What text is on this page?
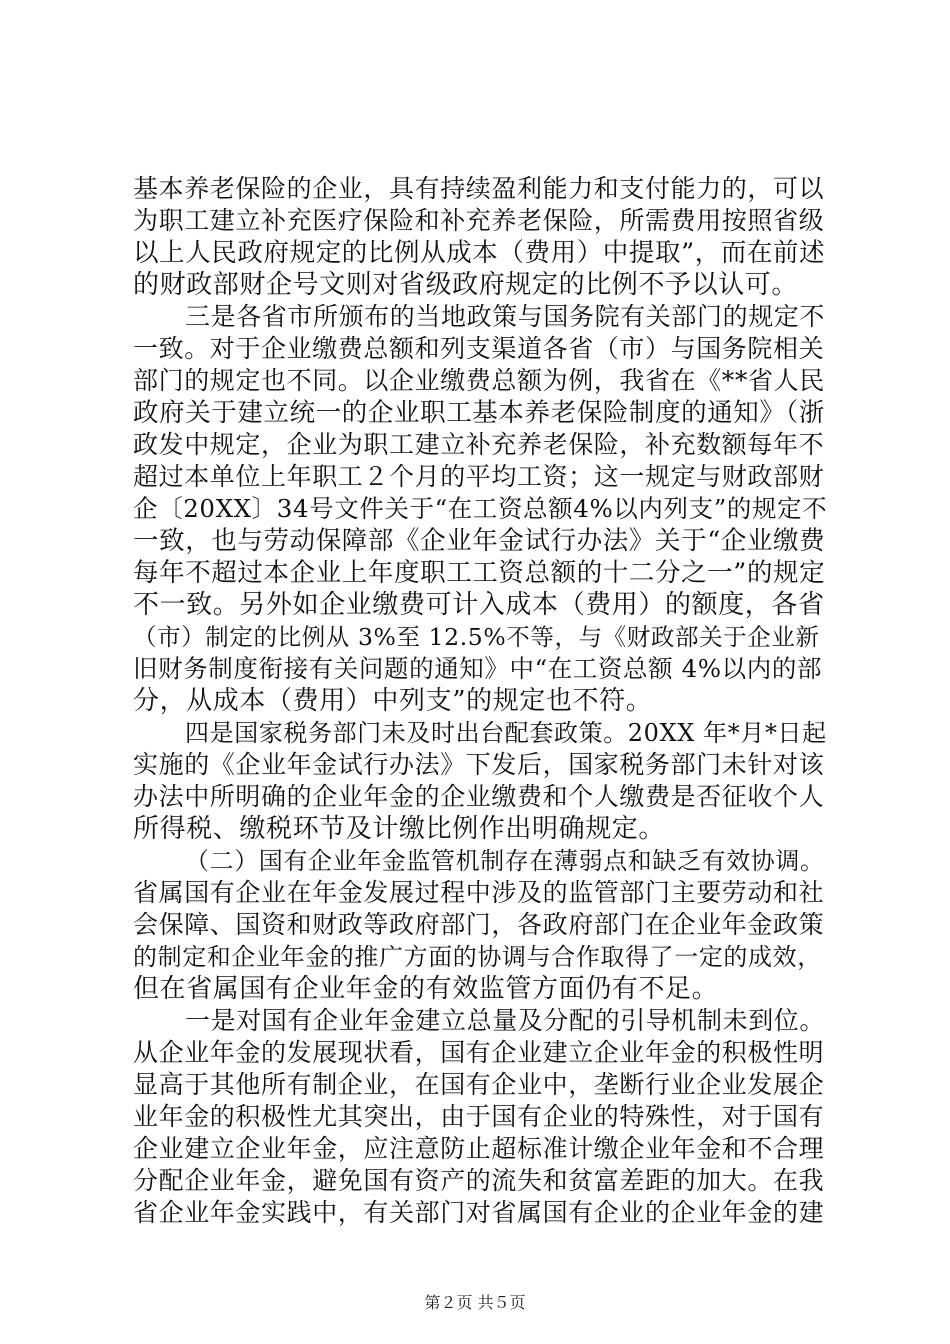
基本养老保险的企业，具有持续盈利能力和支付能力的，可以
为职工建立补充医疗保险和补充养老保险，所需费用按照省级
以上人民政府规定的比例从成本（费用）中提取”，而在前述
的财政部财企号文则对省级政府规定的比例不予以认可。
三是各省市所颁布的当地政策与国务院有关部门的规定不
一致。对于企业缴费总额和列支渠道各省（市）与国务院相关
部门的规定也不同。以企业缴费总额为例，我省在《**省人民
政府关于建立统一的企业职工基本养老保险制度的通知》（浙
政发中规定，企业为职工建立补充养老保险，补充数额每年不
超过本单位上年职工２个月的平均工资；这一规定与财政部财
企〔20XX〕34号文件关于“在工资总额4%以内列支”的规定不
一致，也与劳动保障部《企业年金试行办法》关于“企业缴费
每年不超过本企业上年度职工工资总额的十二分之一”的规定
不一致。另外如企业缴费可计入成本（费用）的额度，各省
（市）制定的比例从 3%至 12.5%不等，与《财政部关于企业新
旧财务制度衔接有关问题的通知》中“在工资总额 4%以内的部
分，从成本（费用）中列支”的规定也不符。
四是国家税务部门未及时出台配套政策。20XX 年*月*日起
实施的《企业年金试行办法》下发后，国家税务部门未针对该
办法中所明确的企业年金的企业缴费和个人缴费是否征收个人
所得税、缴税环节及计缴比例作出明确规定。
（二）国有企业年金监管机制存在薄弱点和缺乏有效协调。
省属国有企业在年金发展过程中涉及的监管部门主要劳动和社
会保障、国资和财政等政府部门，各政府部门在企业年金政策
的制定和企业年金的推广方面的协调与合作取得了一定的成效，
但在省属国有企业年金的有效监管方面仍有不足。
一是对国有企业年金建立总量及分配的引导机制未到位。
从企业年金的发展现状看，国有企业建立企业年金的积极性明
显高于其他所有制企业，在国有企业中，垄断行业企业发展企
业年金的积极性尤其突出，由于国有企业的特殊性，对于国有
企业建立企业年金，应注意防止超标准计缴企业年金和不合理
分配企业年金，避免国有资产的流失和贫富差距的加大。在我
省企业年金实践中，有关部门对省属国有企业的企业年金的建
第２页 共５页
